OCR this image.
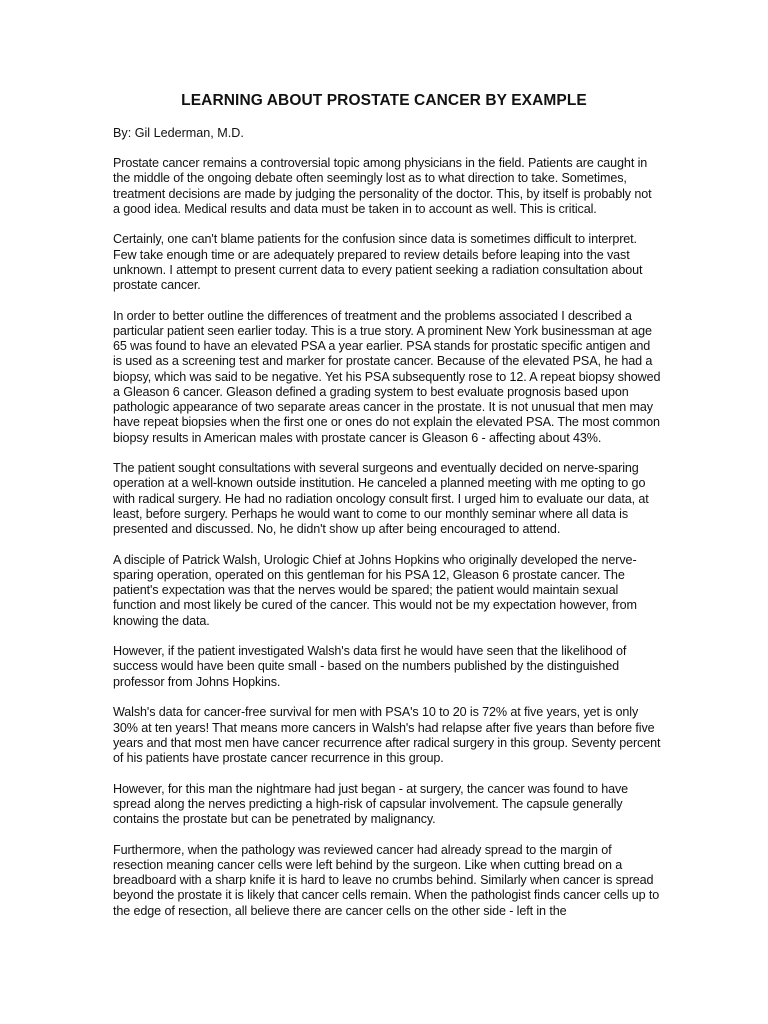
LEARNING ABOUT PROSTATE CANCER BY EXAMPLE

By: Gil Lederman, M.D.

Prostate cancer remains a controversial topic among physicians in the field. Patients are caught in the middle of the ongoing debate often seemingly lost as to what direction to take. Sometimes, treatment decisions are made by judging the personality of the doctor. This, by itself is probably not a good idea. Medical results and data must be taken in to account as well. This is critical.

Certainly, one can't blame patients for the confusion since data is sometimes difficult to interpret. Few take enough time or are adequately prepared to review details before leaping into the vast unknown. I attempt to present current data to every patient seeking a radiation consultation about prostate cancer.

In order to better outline the differences of treatment and the problems associated I described a particular patient seen earlier today. This is a true story. A prominent New York businessman at age 65 was found to have an elevated PSA a year earlier. PSA stands for prostatic specific antigen and is used as a screening test and marker for prostate cancer. Because of the elevated PSA, he had a biopsy, which was said to be negative. Yet his PSA subsequently rose to 12. A repeat biopsy showed a Gleason 6 cancer. Gleason defined a grading system to best evaluate prognosis based upon pathologic appearance of two separate areas cancer in the prostate. It is not unusual that men may have repeat biopsies when the first one or ones do not explain the elevated PSA. The most common biopsy results in American males with prostate cancer is Gleason 6 - affecting about 43%.

The patient sought consultations with several surgeons and eventually decided on nerve-sparing operation at a well-known outside institution. He canceled a planned meeting with me opting to go with radical surgery. He had no radiation oncology consult first. I urged him to evaluate our data, at least, before surgery. Perhaps he would want to come to our monthly seminar where all data is presented and discussed. No, he didn't show up after being encouraged to attend.

A disciple of Patrick Walsh, Urologic Chief at Johns Hopkins who originally developed the nerve-sparing operation, operated on this gentleman for his PSA 12, Gleason 6 prostate cancer. The patient's expectation was that the nerves would be spared; the patient would maintain sexual function and most likely be cured of the cancer. This would not be my expectation however, from knowing the data.

However, if the patient investigated Walsh's data first he would have seen that the likelihood of success would have been quite small - based on the numbers published by the distinguished professor from Johns Hopkins.

Walsh's data for cancer-free survival for men with PSA's 10 to 20 is 72% at five years, yet is only 30% at ten years! That means more cancers in Walsh's had relapse after five years than before five years and that most men have cancer recurrence after radical surgery in this group. Seventy percent of his patients have prostate cancer recurrence in this group.

However, for this man the nightmare had just began - at surgery, the cancer was found to have spread along the nerves predicting a high-risk of capsular involvement. The capsule generally contains the prostate but can be penetrated by malignancy.

Furthermore, when the pathology was reviewed cancer had already spread to the margin of resection meaning cancer cells were left behind by the surgeon. Like when cutting bread on a breadboard with a sharp knife it is hard to leave no crumbs behind. Similarly when cancer is spread beyond the prostate it is likely that cancer cells remain. When the pathologist finds cancer cells up to the edge of resection, all believe there are cancer cells on the other side - left in the
